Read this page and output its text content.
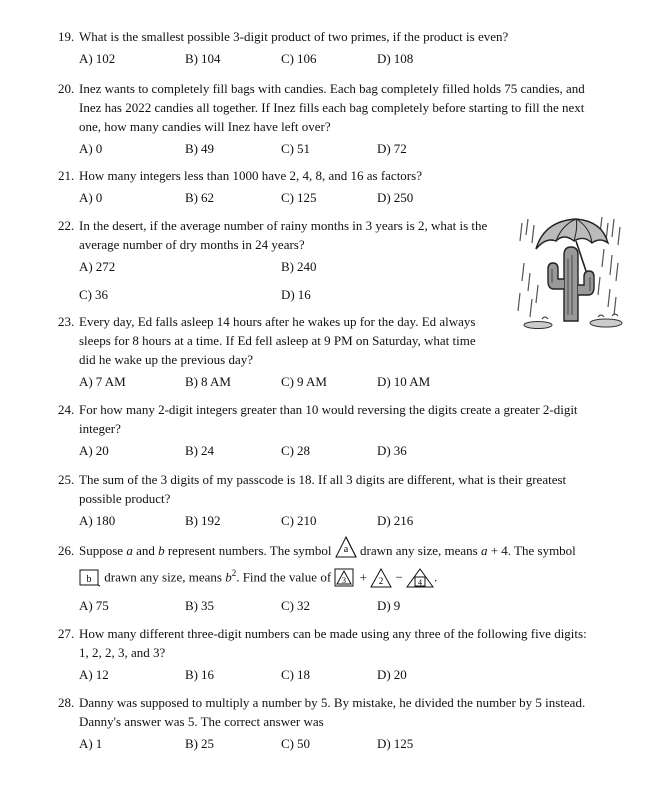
19. What is the smallest possible 3-digit product of two primes, if the product is even?
A) 102	B) 104	C) 106	D) 108
20. Inez wants to completely fill bags with candies. Each bag completely filled holds 75 candies, and
Inez has 2022 candies all together. If Inez fills each bag completely before starting to fill the next
one, how many candies will Inez have left over?
A) 0	B) 49	C) 51	D) 72
21. How many integers less than 1000 have 2, 4, 8, and 16 as factors?
A) 0	B) 62	C) 125	D) 250
22. In the desert, if the average number of rainy months in 3 years is 2, what is the
average number of dry months in 24 years?
A) 272	B) 240
C) 36	D) 16
23. Every day, Ed falls asleep 14 hours after he wakes up for the day. Ed always
sleeps for 8 hours at a time. If Ed fell asleep at 9 PM on Saturday, what time
did he wake up the previous day?
A) 7 AM	B) 8 AM	C) 9 AM	D) 10 AM
24. For how many 2-digit integers greater than 10 would reversing the digits create a greater 2-digit
integer?
A) 20	B) 24	C) 28	D) 36
25. The sum of the 3 digits of my passcode is 18. If all 3 digits are different, what is their greatest
possible product?
A) 180	B) 192	C) 210	D) 216
26. Suppose a and b represent numbers. The symbol a drawn any size, means a + 4. The symbol
b drawn any size, means $b^2$. Find the value of 3 + 2 − 4 .
A) 75	B) 35	C) 32	D) 9
27. How many different three-digit numbers can be made using any three of the following five digits:
1, 2, 2, 3, and 3?
A) 12	B) 16	C) 18	D) 20
28. Danny was supposed to multiply a number by 5. By mistake, he divided the number by 5 instead.
Danny's answer was 5. The correct answer was
A) 1	B) 25	C) 50	D) 125
